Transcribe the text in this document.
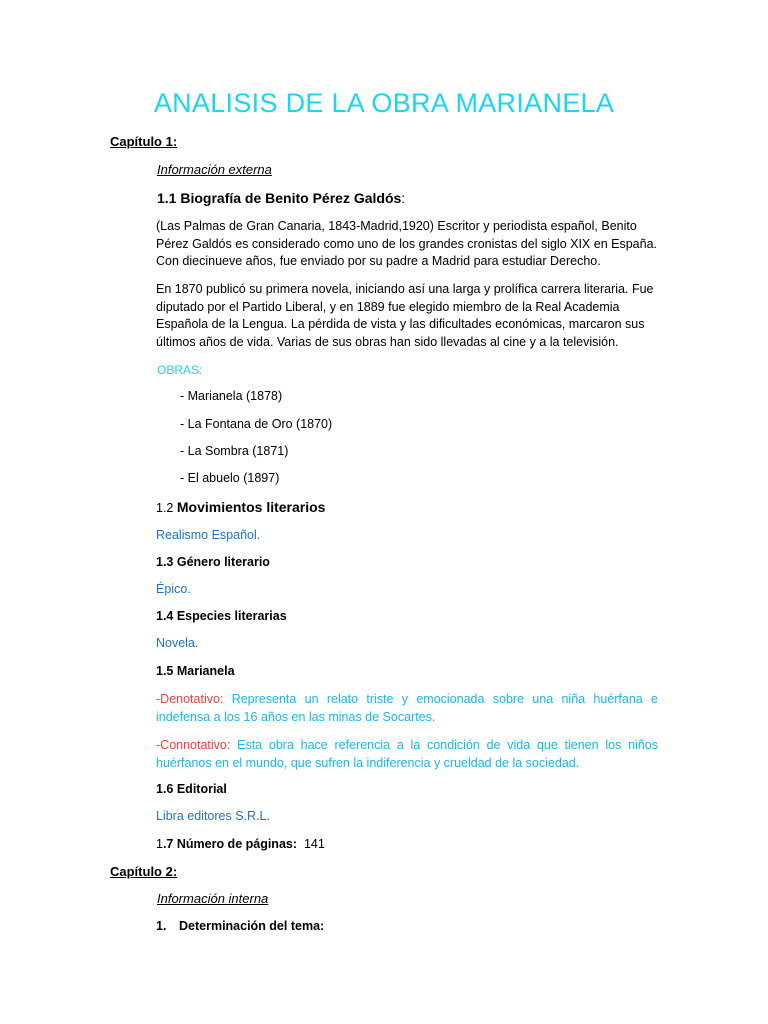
ANALISIS DE LA OBRA MARIANELA
Capítulo 1:
Información externa
1.1 Biografía de Benito Pérez Galdós:
(Las Palmas de Gran Canaria, 1843-Madrid,1920) Escritor y periodista español, Benito Pérez Galdós es considerado como uno de los grandes cronistas del siglo XIX en España. Con diecinueve años, fue enviado por su padre a Madrid para estudiar Derecho.
En 1870 publicó su primera novela, iniciando así una larga y prolífica carrera literaria. Fue diputado por el Partido Liberal, y en 1889 fue elegido miembro de la Real Academia Española de la Lengua. La pérdida de vista y las dificultades económicas, marcaron sus últimos años de vida. Varias de sus obras han sido llevadas al cine y a la televisión.
OBRAS:
- Marianela (1878)
- La Fontana de Oro (1870)
- La Sombra (1871)
- El abuelo (1897)
1.2 Movimientos literarios
Realismo Español.
1.3 Género literario
Épico.
1.4 Especies literarias
Novela.
1.5 Marianela
-Denotativo: Representa un relato triste y emocionada sobre una niña huérfana e indefensa a los 16 años en las minas de Socartes.
-Connotativo: Esta obra hace referencia a la condición de vida que tienen los niños huérfanos en el mundo, que sufren la indiferencia y crueldad de la sociedad.
1.6 Editorial
Libra editores S.R.L.
1.7 Número de páginas:  141
Capítulo 2:
Información interna
1. Determinación del tema:
